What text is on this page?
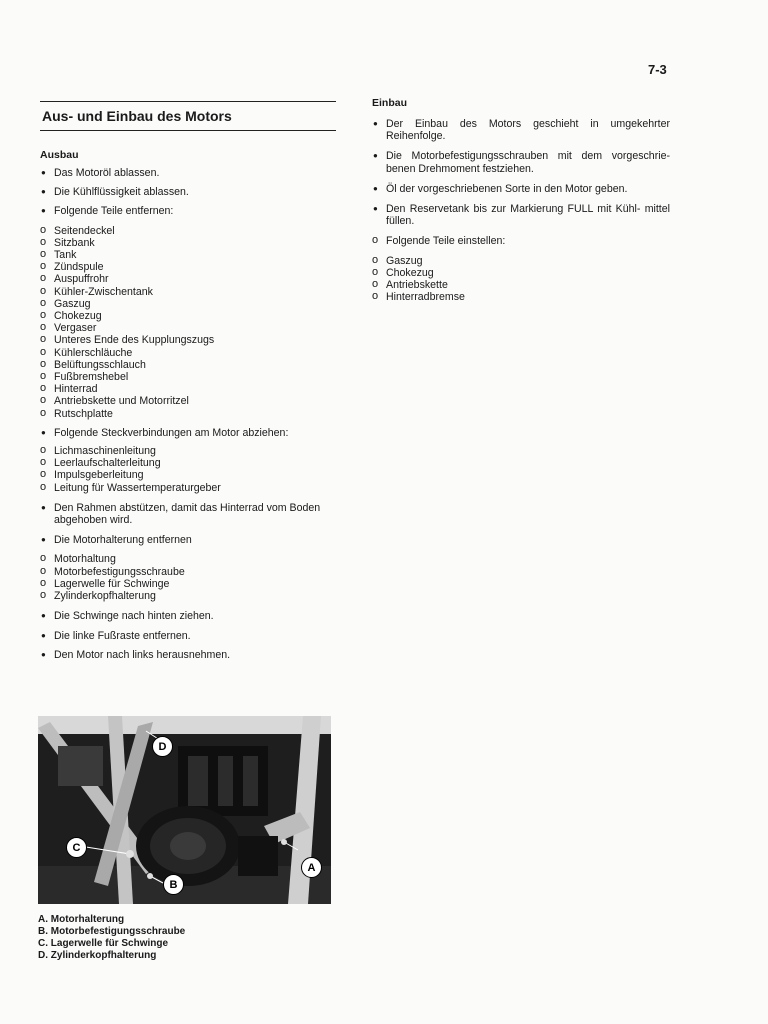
7-3
Aus- und Einbau des Motors
Ausbau
● Das Motoröl ablassen.
● Die Kühlflüssigkeit ablassen.
● Folgende Teile entfernen:
o Seitendeckel
o Sitzbank
o Tank
o Zündspule
o Auspuffrohr
o Kühler-Zwischentank
o Gaszug
o Chokezug
o Vergaser
o Unteres Ende des Kupplungszugs
o Kühlerschläuche
o Belüftungsschlauch
o Fußbremshebel
o Hinterrad
o Antriebskette und Motorritzel
o Rutschplatte
● Folgende Steckverbindungen am Motor abziehen:
o Lichmaschinenleitung
o Leerlaufschalterleitung
o Impulsgeberleitung
o Leitung für Wassertemperaturgeber
● Den Rahmen abstützen, damit das Hinterrad vom Boden abgehoben wird.
● Die Motorhalterung entfernen
o Motorhaltung
o Motorbefestigungsschraube
o Lagerwelle für Schwinge
o Zylinderkopfhalterung
● Die Schwinge nach hinten ziehen.
● Die linke Fußraste entfernen.
● Den Motor nach links herausnehmen.
Einbau
● Der Einbau des Motors geschieht in umgekehrter Reihenfolge.
● Die Motorbefestigungsschrauben mit dem vorgeschrie- benen Drehmoment festziehen.
● Öl der vorgeschriebenen Sorte in den Motor geben.
● Den Reservetank bis zur Markierung FULL mit Kühl- mittel füllen.
o Folgende Teile einstellen:
o Gaszug
o Chokezug
o Antriebskette
o Hinterradbremse
D
A
C
B
A. Motorhalterung
B. Motorbefestigungsschraube
C. Lagerwelle für Schwinge
D. Zylinderkopfhalterung
